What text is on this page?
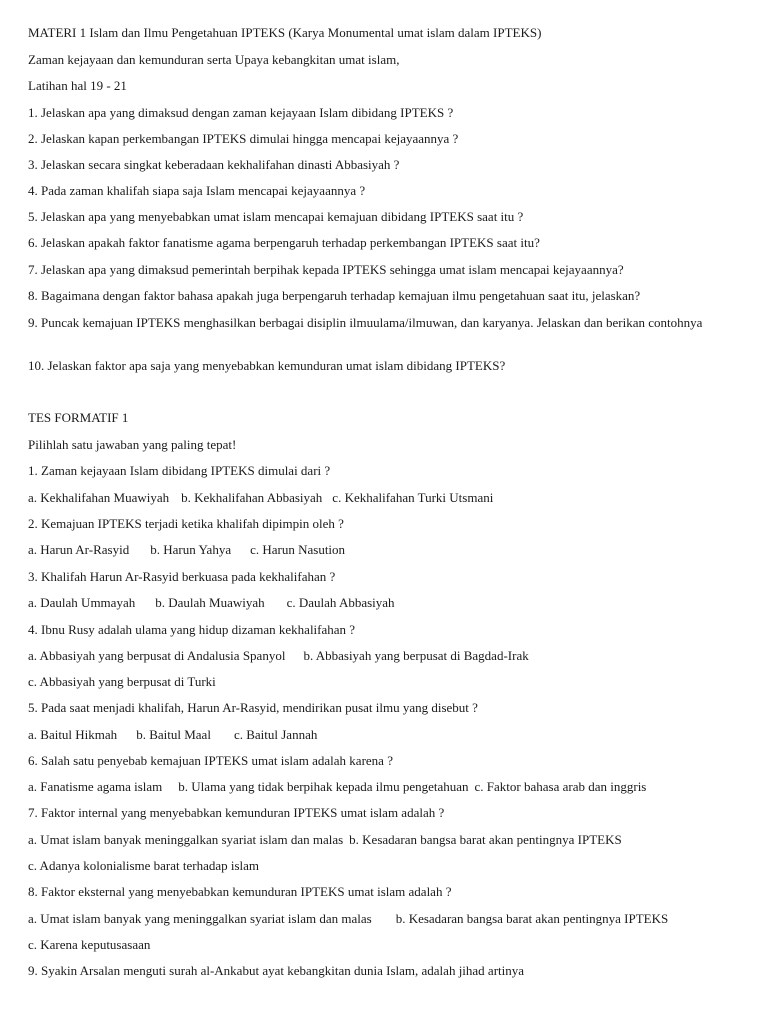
MATERI 1 Islam dan Ilmu Pengetahuan IPTEKS (Karya Monumental umat islam dalam IPTEKS)
Zaman kejayaan dan kemunduran serta Upaya kebangkitan umat islam,
Latihan hal 19 - 21
1. Jelaskan apa yang dimaksud dengan zaman kejayaan Islam dibidang IPTEKS ?
2. Jelaskan kapan perkembangan IPTEKS dimulai hingga mencapai kejayaannya ?
3. Jelaskan secara singkat keberadaan kekhalifahan dinasti Abbasiyah ?
4. Pada zaman khalifah siapa saja Islam mencapai kejayaannya ?
5. Jelaskan apa yang menyebabkan umat islam mencapai kemajuan dibidang IPTEKS saat itu ?
6. Jelaskan apakah faktor fanatisme agama berpengaruh terhadap perkembangan IPTEKS saat itu?
7. Jelaskan apa yang dimaksud pemerintah berpihak kepada IPTEKS sehingga umat islam mencapai kejayaannya?
8. Bagaimana dengan faktor bahasa apakah juga berpengaruh terhadap kemajuan ilmu pengetahuan saat itu, jelaskan?
9. Puncak kemajuan IPTEKS menghasilkan berbagai disiplin ilmuulama/ilmuwan, dan karyanya. Jelaskan dan berikan contohnya
10. Jelaskan faktor apa saja yang menyebabkan kemunduran umat islam dibidang IPTEKS?
TES FORMATIF 1
Pilihlah satu jawaban yang paling tepat!
1. Zaman kejayaan Islam dibidang IPTEKS dimulai dari ?
a. Kekhalifahan Muawiyah b. Kekhalifahan Abbasiyah c. Kekhalifahan Turki Utsmani
2. Kemajuan IPTEKS terjadi ketika khalifah dipimpin oleh ?
a. Harun Ar-Rasyid b. Harun Yahya c. Harun Nasution
3. Khalifah Harun Ar-Rasyid berkuasa pada kekhalifahan ?
a. Daulah Ummayah b. Daulah Muawiyah c. Daulah Abbasiyah
4. Ibnu Rusy adalah ulama yang hidup dizaman kekhalifahan ?
a. Abbasiyah yang berpusat di Andalusia Spanyol b. Abbasiyah yang berpusat di Bagdad-Irak
c. Abbasiyah yang berpusat di Turki
5. Pada saat menjadi khalifah, Harun Ar-Rasyid, mendirikan pusat ilmu yang disebut ?
a. Baitul Hikmah b. Baitul Maal c. Baitul Jannah
6. Salah satu penyebab kemajuan IPTEKS umat islam adalah karena ?
a. Fanatisme agama islam b. Ulama yang tidak berpihak kepada ilmu pengetahuan c. Faktor bahasa arab dan inggris
7. Faktor internal yang menyebabkan kemunduran IPTEKS umat islam adalah ?
a. Umat islam banyak meninggalkan syariat islam dan malas b. Kesadaran bangsa barat akan pentingnya IPTEKS
c. Adanya kolonialisme barat terhadap islam
8. Faktor eksternal yang menyebabkan kemunduran IPTEKS umat islam adalah ?
a. Umat islam banyak yang meninggalkan syariat islam dan malas b. Kesadaran bangsa barat akan pentingnya IPTEKS
c. Karena keputusasaan
9. Syakin Arsalan menguti surah al-Ankabut ayat kebangkitan dunia Islam, adalah jihad artinya
